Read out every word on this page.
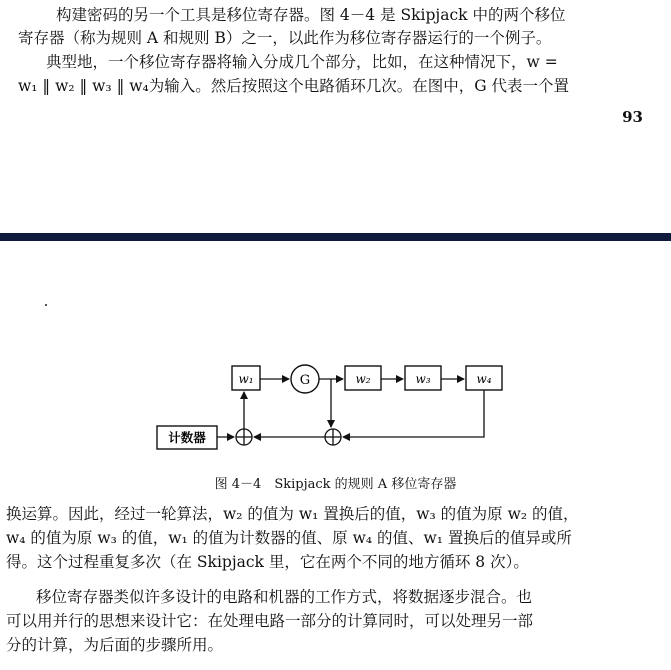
构建密码的另一个工具是移位寄存器。图 4－4 是 Skipjack 中的两个移位
寄存器（称为规则 A 和规则 B）之一，以此作为移位寄存器运行的一个例子。
典型地，一个移位寄存器将输入分成几个部分，比如，在这种情况下，w =
w₁ ‖ w₂ ‖ w₃ ‖ w₄为输入。然后按照这个电路循环几次。在图中，G 代表一个置
93
w₁	G	w₂	w₃	w₄
计数器
图 4－4　Skipjack 的规则 A 移位寄存器
换运算。因此，经过一轮算法，w₂ 的值为 w₁ 置换后的值，w₃ 的值为原 w₂ 的值，
w₄ 的值为原 w₃ 的值，w₁ 的值为计数器的值、原 w₄ 的值、w₁ 置换后的值异或所
得。这个过程重复多次（在 Skipjack 里，它在两个不同的地方循环 8 次）。
移位寄存器类似许多设计的电路和机器的工作方式，将数据逐步混合。也
可以用并行的思想来设计它：在处理电路一部分的计算同时，可以处理另一部
分的计算，为后面的步骤所用。
